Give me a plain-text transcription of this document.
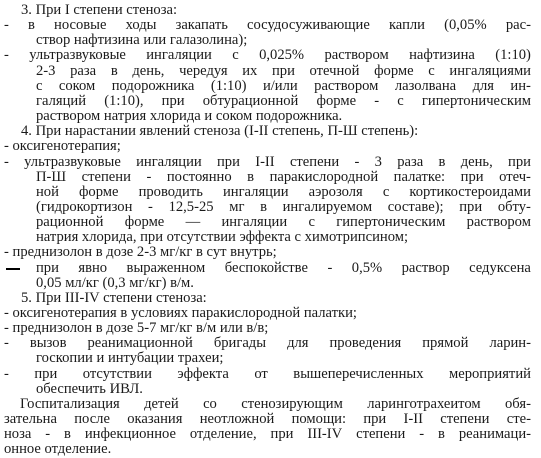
3. При I степени стеноза:
- в носовые ходы закапать сосудосуживающие капли (0,05% рас-
створ нафтизина или галазолина);
- ультразвуковые ингаляции с 0,025% раствором нафтизина (1:10)
2-3 раза в день, чередуя их при отечной форме с ингаляциями
с соком подорожника (1:10) и/или раствором лазолвана для ин-
галяций (1:10), при обтурационной форме - с гипертоническим
раствором натрия хлорида и соком подорожника.
4. При нарастании явлений стеноза (I-II степень, П-Ш степень):
- оксигенотерапия;
- ультразвуковые ингаляции при I-II степени - 3 раза в день, при
П-Ш степени - постоянно в паракислородной палатке: при отеч-
ной форме проводить ингаляции аэрозоля с кортикостероидами
(гидрокортизон - 12,5-25 мг в ингалируемом составе); при обту-
рационной форме — ингаляции с гипертоническим раствором
натрия хлорида, при отсутствии эффекта с химотрипсином;
- преднизолон в дозе 2-3 мг/кг в сут внутрь;
при явно выраженном беспокойстве - 0,5% раствор седуксена
0,05 мл/кг (0,3 мг/кг) в/м.
5. При III-IV степени стеноза:
- оксигенотерапия в условиях паракислородной палатки;
- преднизолон в дозе 5-7 мг/кг в/м или в/в;
- вызов реанимационной бригады для проведения прямой ларин-
госкопии и интубации трахеи;
- при отсутствии эффекта от вышеперечисленных мероприятий
обеспечить ИВЛ.
Госпитализация детей со стенозирующим ларинготрахеитом обя-
зательна после оказания неотложной помощи: при I-II степени сте-
ноза - в инфекционное отделение, при III-IV степени - в реанимаци-
онное отделение.
